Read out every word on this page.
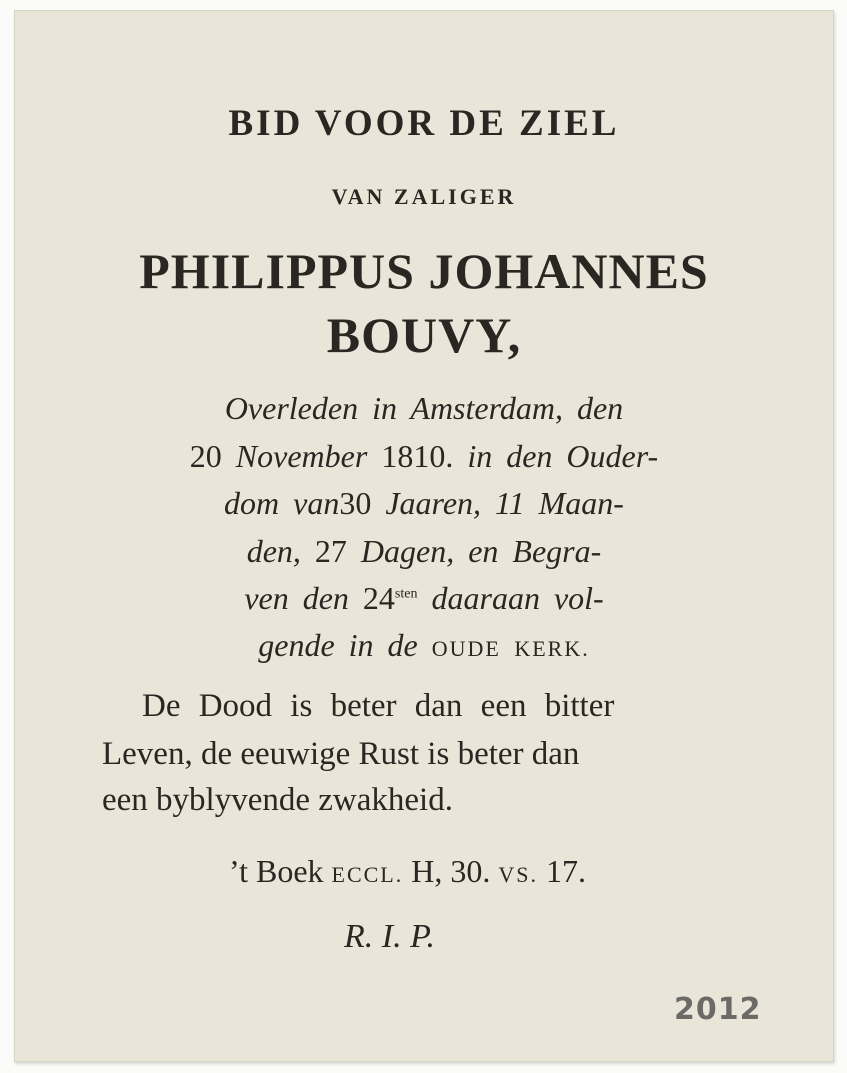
BID VOOR DE ZIEL
VAN ZALIGER
PHILIPPUS JOHANNES
BOUVY,
Overleden in Amsterdam, den
20 November 1810. in den Ouder-
dom van30 Jaaren, 11 Maan-
den, 27 Dagen, en Begra-
ven den $24^{sten}$ daaraan vol-
gende in de OUDE KERK.
De Dood is beter dan een bitter
Leven, de eeuwige Rust is beter dan
een byblyvende zwakheid.
’t Boek ECCL. H, 30. VS. 17.
R. I. P.
2012
